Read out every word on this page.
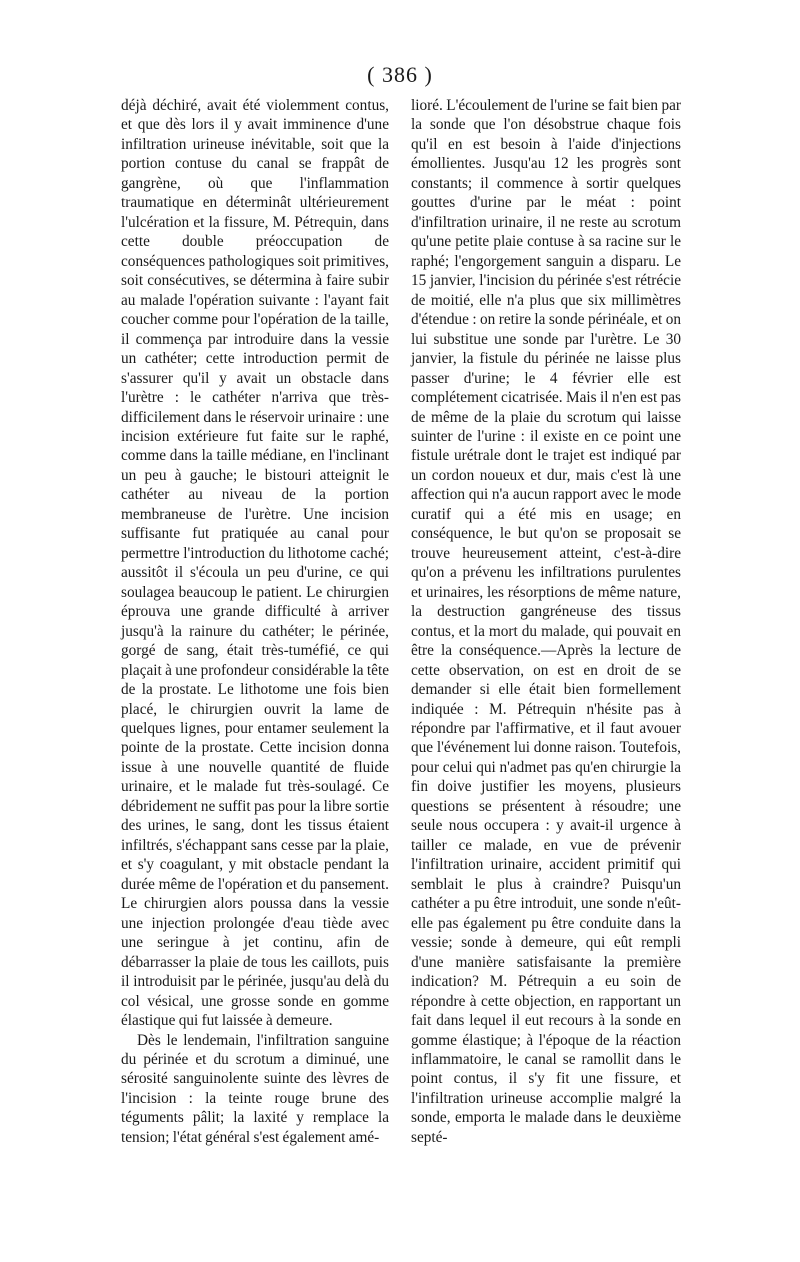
( 386 )

déjà déchiré, avait été violemment contus, et que dès lors il y avait imminence d'une infiltration urineuse inévitable, soit que la portion contuse du canal se frappât de gangrène, où que l'inflammation traumatique en déterminât ultérieurement l'ulcération et la fissure, M. Pétrequin, dans cette double préoccupation de conséquences pathologiques soit primitives, soit consécutives, se détermina à faire subir au malade l'opération suivante : l'ayant fait coucher comme pour l'opération de la taille, il commença par introduire dans la vessie un cathéter; cette introduction permit de s'assurer qu'il y avait un obstacle dans l'urètre : le cathéter n'arriva que très-difficilement dans le réservoir urinaire : une incision extérieure fut faite sur le raphé, comme dans la taille médiane, en l'inclinant un peu à gauche; le bistouri atteignit le cathéter au niveau de la portion membraneuse de l'urètre. Une incision suffisante fut pratiquée au canal pour permettre l'introduction du lithotome caché; aussitôt il s'écoula un peu d'urine, ce qui soulagea beaucoup le patient. Le chirurgien éprouva une grande difficulté à arriver jusqu'à la rainure du cathéter; le périnée, gorgé de sang, était très-tuméfié, ce qui plaçait à une profondeur considérable la tête de la prostate. Le lithotome une fois bien placé, le chirurgien ouvrit la lame de quelques lignes, pour entamer seulement la pointe de la prostate. Cette incision donna issue à une nouvelle quantité de fluide urinaire, et le malade fut très-soulagé. Ce débridement ne suffit pas pour la libre sortie des urines, le sang, dont les tissus étaient infiltrés, s'échappant sans cesse par la plaie, et s'y coagulant, y mit obstacle pendant la durée même de l'opération et du pansement. Le chirurgien alors poussa dans la vessie une injection prolongée d'eau tiède avec une seringue à jet continu, afin de débarrasser la plaie de tous les caillots, puis il introduisit par le périnée, jusqu'au delà du col vésical, une grosse sonde en gomme élastique qui fut laissée à demeure.

Dès le lendemain, l'infiltration sanguine du périnée et du scrotum a diminué, une sérosité sanguinolente suinte des lèvres de l'incision : la teinte rouge brune des téguments pâlit; la laxité y remplace la tension; l'état général s'est également amé-

lioré. L'écoulement de l'urine se fait bien par la sonde que l'on désobstrue chaque fois qu'il en est besoin à l'aide d'injections émollientes. Jusqu'au 12 les progrès sont constants; il commence à sortir quelques gouttes d'urine par le méat : point d'infiltration urinaire, il ne reste au scrotum qu'une petite plaie contuse à sa racine sur le raphé; l'engorgement sanguin a disparu. Le 15 janvier, l'incision du périnée s'est rétrécie de moitié, elle n'a plus que six millimètres d'étendue : on retire la sonde périnéale, et on lui substitue une sonde par l'urètre. Le 30 janvier, la fistule du périnée ne laisse plus passer d'urine; le 4 février elle est complétement cicatrisée. Mais il n'en est pas de même de la plaie du scrotum qui laisse suinter de l'urine : il existe en ce point une fistule urétrale dont le trajet est indiqué par un cordon noueux et dur, mais c'est là une affection qui n'a aucun rapport avec le mode curatif qui a été mis en usage; en conséquence, le but qu'on se proposait se trouve heureusement atteint, c'est-à-dire qu'on a prévenu les infiltrations purulentes et urinaires, les résorptions de même nature, la destruction gangréneuse des tissus contus, et la mort du malade, qui pouvait en être la conséquence.—Après la lecture de cette observation, on est en droit de se demander si elle était bien formellement indiquée : M. Pétrequin n'hésite pas à répondre par l'affirmative, et il faut avouer que l'événement lui donne raison. Toutefois, pour celui qui n'admet pas qu'en chirurgie la fin doive justifier les moyens, plusieurs questions se présentent à résoudre; une seule nous occupera : y avait-il urgence à tailler ce malade, en vue de prévenir l'infiltration urinaire, accident primitif qui semblait le plus à craindre? Puisqu'un cathéter a pu être introduit, une sonde n'eût-elle pas également pu être conduite dans la vessie; sonde à demeure, qui eût rempli d'une manière satisfaisante la première indication? M. Pétrequin a eu soin de répondre à cette objection, en rapportant un fait dans lequel il eut recours à la sonde en gomme élastique; à l'époque de la réaction inflammatoire, le canal se ramollit dans le point contus, il s'y fit une fissure, et l'infiltration urineuse accomplie malgré la sonde, emporta le malade dans le deuxième septé-
